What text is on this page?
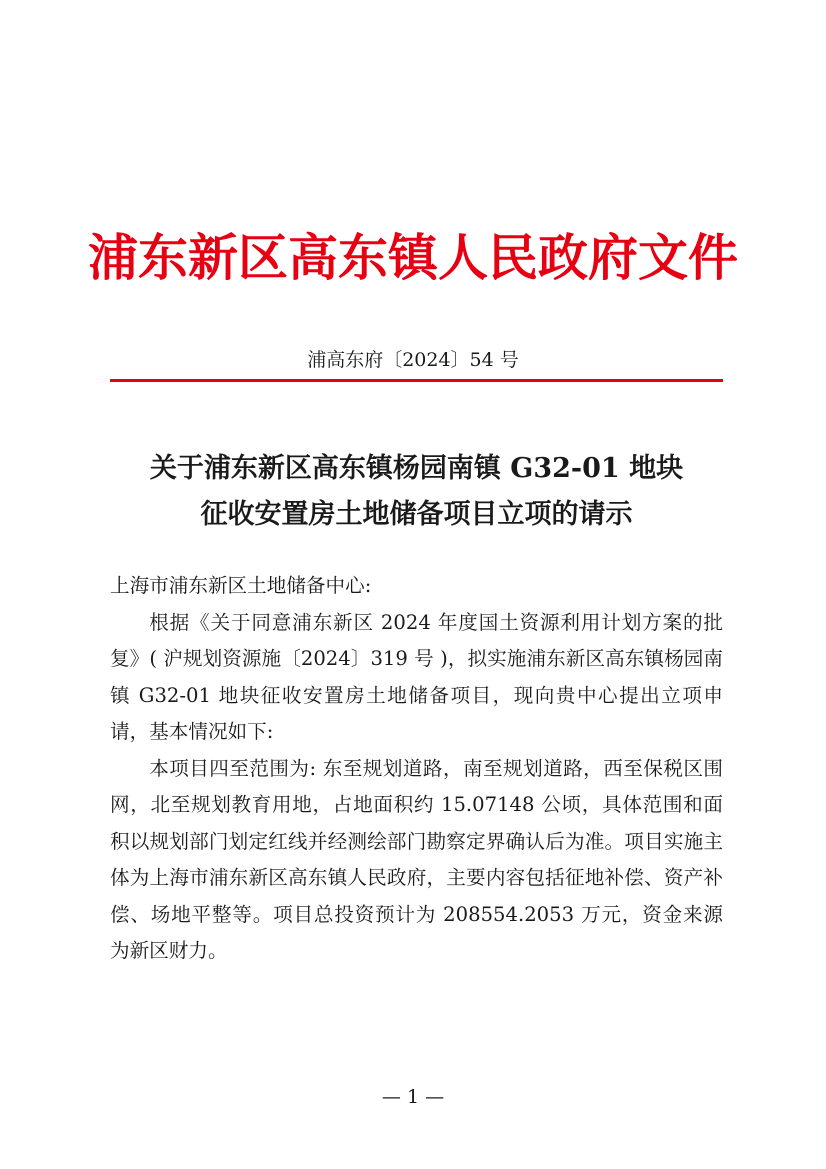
浦东新区高东镇人民政府文件
浦高东府〔2024〕54 号
关于浦东新区高东镇杨园南镇 G32-01 地块
征收安置房土地储备项目立项的请示

上海市浦东新区土地储备中心:

根据《关于同意浦东新区 2024 年度国土资源利用计划方案的批复》( 沪规划资源施〔2024〕319 号 )，拟实施浦东新区高东镇杨园南镇 G32-01 地块征收安置房土地储备项目，现向贵中心提出立项申请，基本情况如下:

本项目四至范围为: 东至规划道路，南至规划道路，西至保税区围网，北至规划教育用地，占地面积约 15.07148 公顷，具体范围和面积以规划部门划定红线并经测绘部门勘察定界确认后为准。项目实施主体为上海市浦东新区高东镇人民政府，主要内容包括征地补偿、资产补偿、场地平整等。项目总投资预计为 208554.2053 万元，资金来源为新区财力。

— 1 —
